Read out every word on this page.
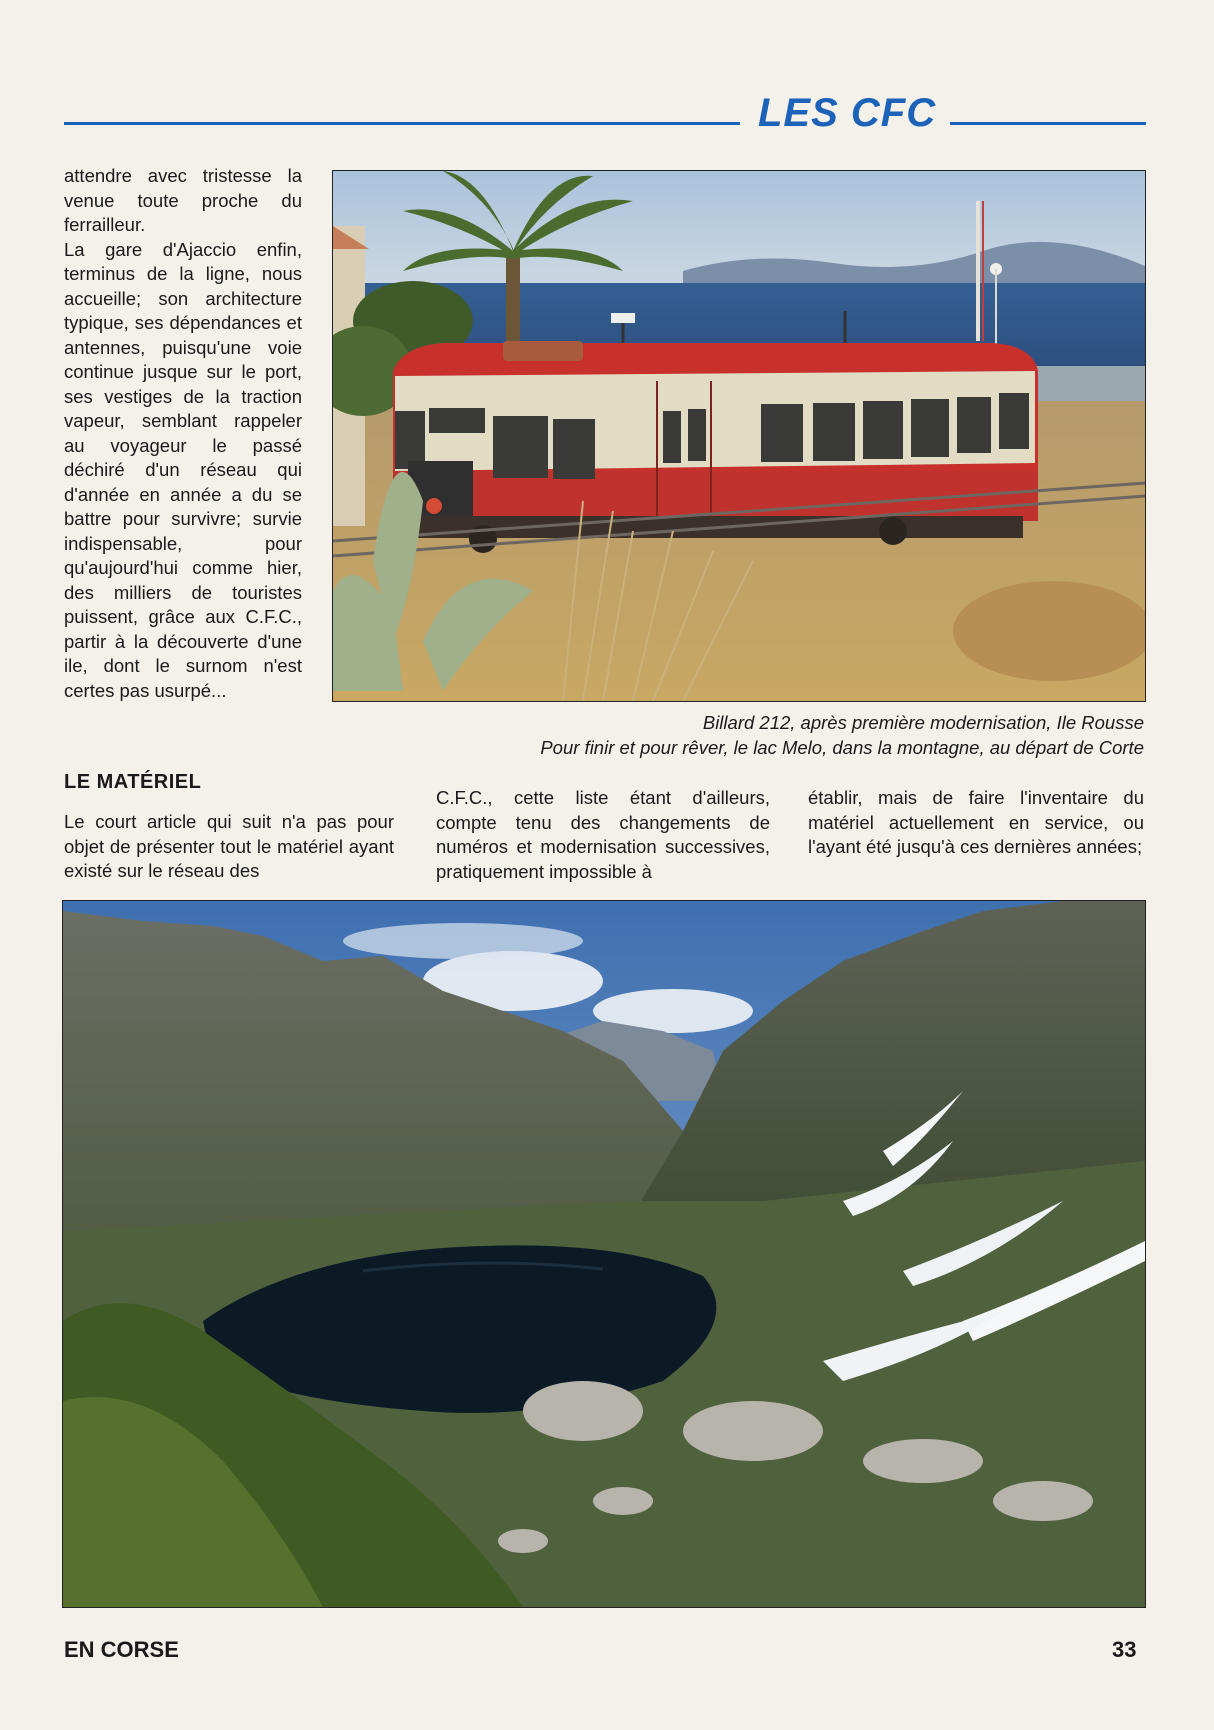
LES CFC

attendre avec tristesse la venue toute proche du ferrailleur.

La gare d'Ajaccio enfin, terminus de la ligne, nous accueille; son architecture typique, ses dépendances et antennes, puisqu'une voie continue jusque sur le port, ses vestiges de la traction vapeur, semblant rappeler au voyageur le passé déchiré d'un réseau qui d'année en année a du se battre pour survivre; survie indispensable, pour qu'aujourd'hui comme hier, des milliers de touristes puissent, grâce aux C.F.C., partir à la découverte d'une ile, dont le surnom n'est certes pas usurpé...

Billard 212, après première modernisation, Ile Rousse
Pour finir et pour rêver, le lac Melo, dans la montagne, au départ de Corte
LE MATÉRIEL

Le court article qui suit n'a pas pour objet de présenter tout le matériel ayant existé sur le réseau des

C.F.C., cette liste étant d'ailleurs, compte tenu des changements de numéros et modernisation successives, pratiquement impossible à

établir, mais de faire l'inventaire du matériel actuellement en service, ou l'ayant été jusqu'à ces dernières années;

EN CORSE	33
